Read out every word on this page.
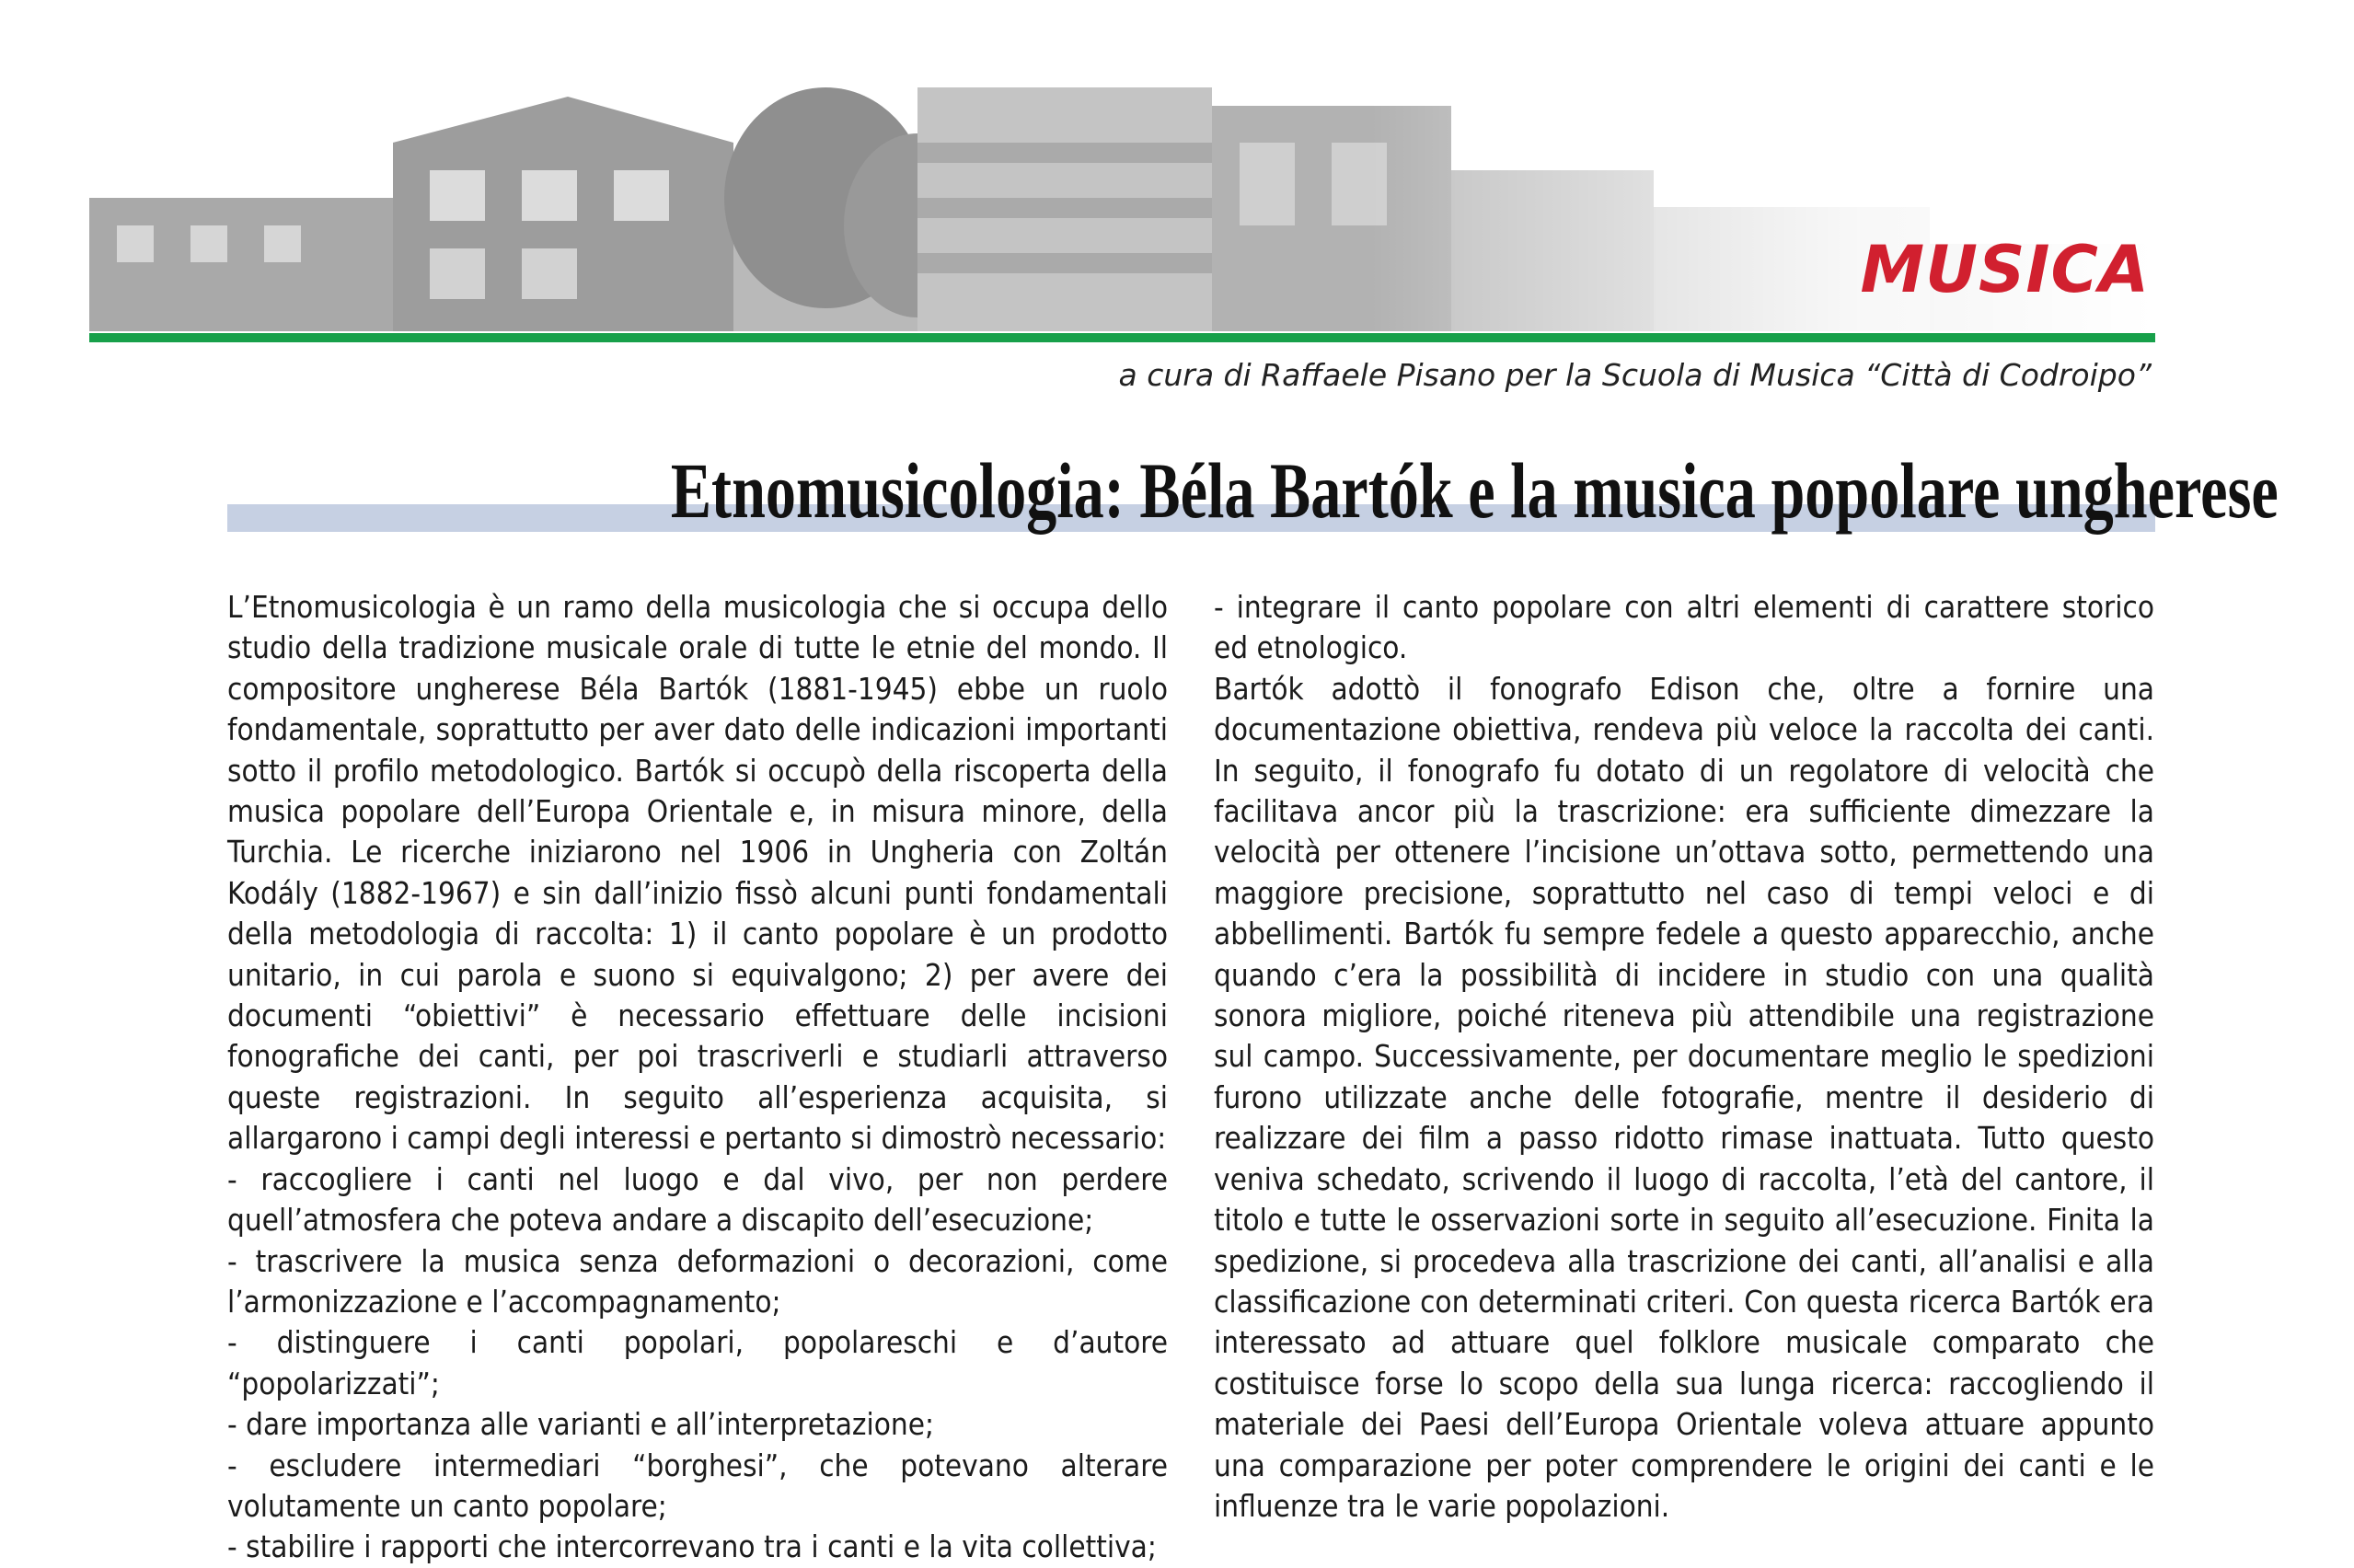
MUSICA
a cura di Raffaele Pisano per la Scuola di Musica “Città di Codroipo”
Etnomusicologia: Béla Bartók e la musica popolare ungherese

L’Etnomusicologia è un ramo della musicologia che si occupa dello studio della tradizione musicale orale di tutte le etnie del mondo. Il compositore ungherese Béla Bartók (1881-1945) ebbe un ruolo fondamentale, soprattutto per aver dato delle indicazioni importanti sotto il profilo metodologico. Bartók si occupò della riscoperta della musica popolare dell’Europa Orientale e, in misura minore, della Turchia. Le ricerche iniziarono nel 1906 in Ungheria con Zoltán Kodály (1882-1967) e sin dall’inizio fissò alcuni punti fondamentali della metodologia di raccolta: 1) il canto popolare è un prodotto unitario, in cui parola e suono si equivalgono; 2) per avere dei documenti “obiettivi” è necessario effettuare delle incisioni fonografiche dei canti, per poi trascriverli e studiarli attraverso queste registrazioni. In seguito all’esperienza acquisita, si allargarono i campi degli interessi e pertanto si dimostrò necessario:

- raccogliere i canti nel luogo e dal vivo, per non perdere quell’atmosfera che poteva andare a discapito dell’esecuzione;

- trascrivere la musica senza deformazioni o decorazioni, come l’armonizzazione e l’accompagnamento;

- distinguere i canti popolari, popolareschi e d’autore “popolarizzati”;

- dare importanza alle varianti e all’interpretazione;

- escludere intermediari “borghesi”, che potevano alterare volutamente un canto popolare;

- stabilire i rapporti che intercorrevano tra i canti e la vita collettiva;

- integrare il canto popolare con altri elementi di carattere storico ed etnologico.

Bartók adottò il fonografo Edison che, oltre a fornire una documentazione obiettiva, rendeva più veloce la raccolta dei canti. In seguito, il fonografo fu dotato di un regolatore di velocità che facilitava ancor più la trascrizione: era sufficiente dimezzare la velocità per ottenere l’incisione un’ottava sotto, permettendo una maggiore precisione, soprattutto nel caso di tempi veloci e di abbellimenti. Bartók fu sempre fedele a questo apparecchio, anche quando c’era la possibilità di incidere in studio con una qualità sonora migliore, poiché riteneva più attendibile una registrazione sul campo. Successivamente, per documentare meglio le spedizioni furono utilizzate anche delle fotografie, mentre il desiderio di realizzare dei film a passo ridotto rimase inattuata. Tutto questo veniva schedato, scrivendo il luogo di raccolta, l’età del cantore, il titolo e tutte le osservazioni sorte in seguito all’esecuzione. Finita la spedizione, si procedeva alla trascrizione dei canti, all’analisi e alla classificazione con determinati criteri. Con questa ricerca Bartók era interessato ad attuare quel folklore musicale comparato che costituisce forse lo scopo della sua lunga ricerca: raccogliendo il materiale dei Paesi dell’Europa Orientale voleva attuare appunto una comparazione per poter comprendere le origini dei canti e le influenze tra le varie popolazioni.
